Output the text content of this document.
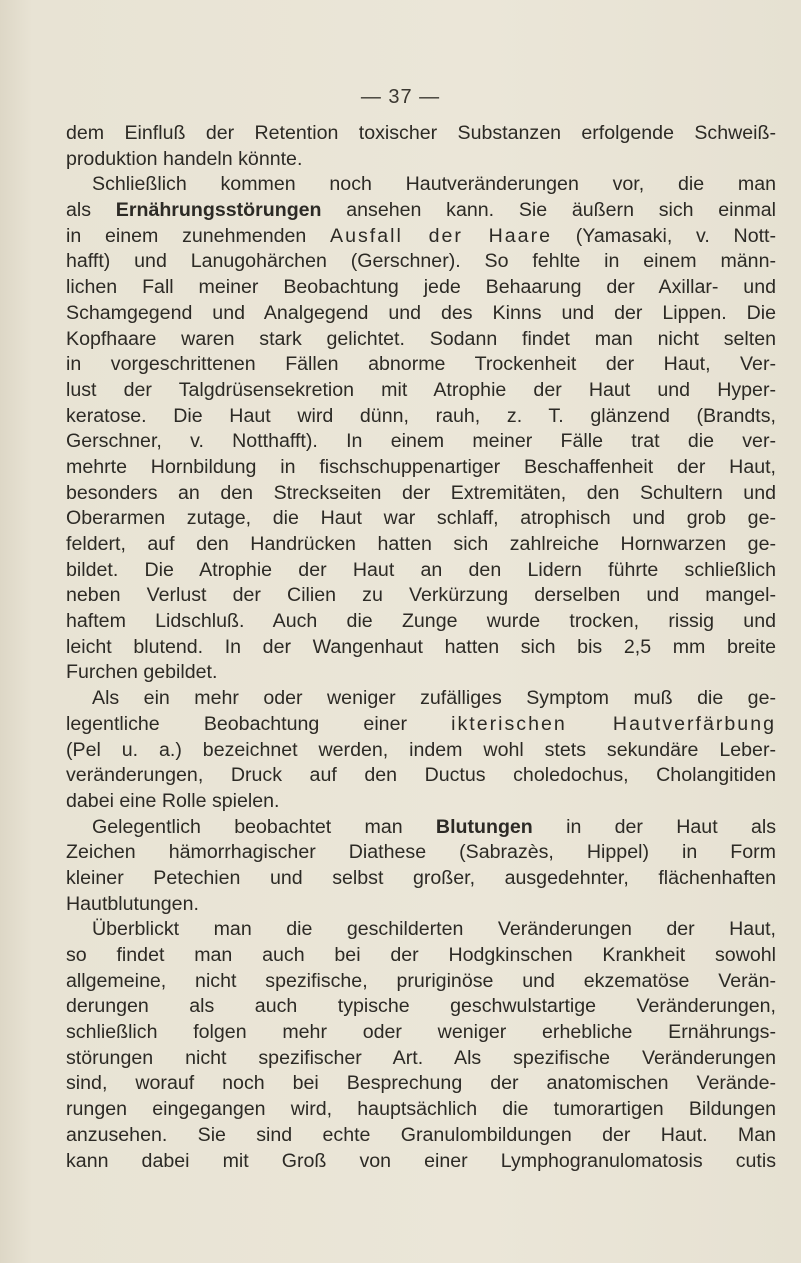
— 37 —
dem Einfluß der Retention toxischer Substanzen erfolgende Schweiß-
produktion handeln könnte.
Schließlich kommen noch Hautveränderungen vor, die man
als Ernährungsstörungen ansehen kann. Sie äußern sich einmal
in einem zunehmenden Ausfall der Haare (Yamasaki, v. Nott-
hafft) und Lanugohärchen (Gerschner). So fehlte in einem männ-
lichen Fall meiner Beobachtung jede Behaarung der Axillar- und
Schamgegend und Analgegend und des Kinns und der Lippen. Die
Kopfhaare waren stark gelichtet. Sodann findet man nicht selten
in vorgeschrittenen Fällen abnorme Trockenheit der Haut, Ver-
lust der Talgdrüsensekretion mit Atrophie der Haut und Hyper-
keratose. Die Haut wird dünn, rauh, z. T. glänzend (Brandts,
Gerschner, v. Notthafft). In einem meiner Fälle trat die ver-
mehrte Hornbildung in fischschuppenartiger Beschaffenheit der Haut,
besonders an den Streckseiten der Extremitäten, den Schultern und
Oberarmen zutage, die Haut war schlaff, atrophisch und grob ge-
feldert, auf den Handrücken hatten sich zahlreiche Hornwarzen ge-
bildet. Die Atrophie der Haut an den Lidern führte schließlich
neben Verlust der Cilien zu Verkürzung derselben und mangel-
haftem Lidschluß. Auch die Zunge wurde trocken, rissig und
leicht blutend. In der Wangenhaut hatten sich bis 2,5 mm breite
Furchen gebildet.
Als ein mehr oder weniger zufälliges Symptom muß die ge-
legentliche Beobachtung einer ikterischen Hautverfärbung
(Pel u. a.) bezeichnet werden, indem wohl stets sekundäre Leber-
veränderungen, Druck auf den Ductus choledochus, Cholangitiden
dabei eine Rolle spielen.
Gelegentlich beobachtet man Blutungen in der Haut als
Zeichen hämorrhagischer Diathese (Sabrazès, Hippel) in Form
kleiner Petechien und selbst großer, ausgedehnter, flächenhaften
Hautblutungen.
Überblickt man die geschilderten Veränderungen der Haut,
so findet man auch bei der Hodgkinschen Krankheit sowohl
allgemeine, nicht spezifische, pruriginöse und ekzematöse Verän-
derungen als auch typische geschwulstartige Veränderungen,
schließlich folgen mehr oder weniger erhebliche Ernährungs-
störungen nicht spezifischer Art. Als spezifische Veränderungen
sind, worauf noch bei Besprechung der anatomischen Verände-
rungen eingegangen wird, hauptsächlich die tumorartigen Bildungen
anzusehen. Sie sind echte Granulombildungen der Haut. Man
kann dabei mit Groß von einer Lymphogranulomatosis cutis
